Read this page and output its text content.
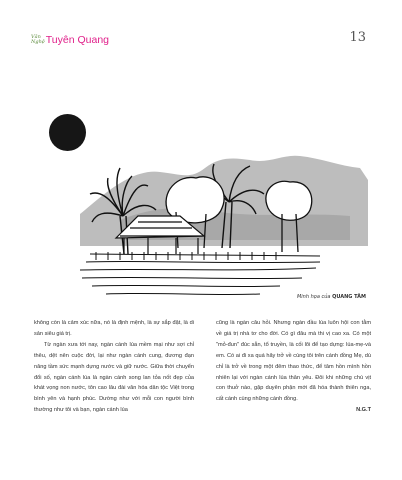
Văn
Nghệ Tuyên Quang	13
Minh họa của QUANG TÂM

không còn là cảm xúc nữa, nó là định mệnh, là sự sắp đặt, là di sản siêu giá trị.

Từ ngàn xưa tới nay, ngàn cánh lúa mềm mại như sợi chỉ thêu, dệt nên cuộc đời, lại như ngàn cánh cung, đương đạn nâng tầm sức mạnh dựng nước và giữ nước. Giữa thời chuyển đổi số, ngàn cánh lúa là ngàn cánh song lan tỏa nốt đẹp của khát vọng non nước, tôn cao lâu đài văn hóa dân tộc Việt trong bình yên và hạnh phúc. Dường như với mỗi con người bình thường như tôi và bạn, ngàn cánh lúa

cũng là ngàn câu hỏi. Nhưng ngàn đầu lúa luôn hội con tằm về giá trị nhà tơ cho đời. Có gì đâu mà thi vị cao xa. Có một "mỏ-đun" đúc sẵn, tổ truyền, là cối lõi để tạo dựng: lúa-mẹ-và em. Có ai đi xa quá hãy trở về cùng tôi trên cánh đồng Mẹ, dù chỉ là trở về trong một đêm thao thức, để tâm hồn mình hồn nhiên lại với ngàn cánh lúa thân yêu. Đôi khi những chú vịt con thuở nào, gặp duyên phận mới đã hóa thành thiên nga, cất cánh cùng những cánh đồng.

N.G.T
